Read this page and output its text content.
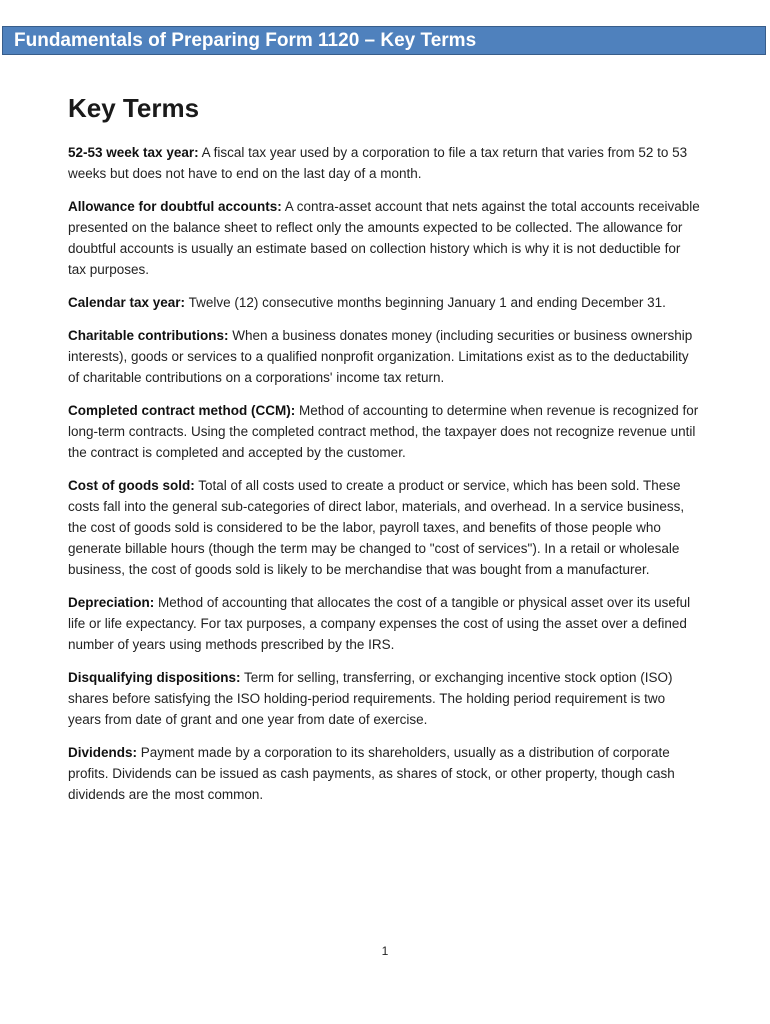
Fundamentals of Preparing Form 1120 – Key Terms
Key Terms

52-53 week tax year: A fiscal tax year used by a corporation to file a tax return that varies from 52 to 53 weeks but does not have to end on the last day of a month.

Allowance for doubtful accounts: A contra-asset account that nets against the total accounts receivable presented on the balance sheet to reflect only the amounts expected to be collected. The allowance for doubtful accounts is usually an estimate based on collection history which is why it is not deductible for tax purposes.

Calendar tax year: Twelve (12) consecutive months beginning January 1 and ending December 31.

Charitable contributions: When a business donates money (including securities or business ownership interests), goods or services to a qualified nonprofit organization. Limitations exist as to the deductability of charitable contributions on a corporations' income tax return.

Completed contract method (CCM): Method of accounting to determine when revenue is recognized for long-term contracts. Using the completed contract method, the taxpayer does not recognize revenue until the contract is completed and accepted by the customer.

Cost of goods sold: Total of all costs used to create a product or service, which has been sold. These costs fall into the general sub-categories of direct labor, materials, and overhead. In a service business, the cost of goods sold is considered to be the labor, payroll taxes, and benefits of those people who generate billable hours (though the term may be changed to "cost of services"). In a retail or wholesale business, the cost of goods sold is likely to be merchandise that was bought from a manufacturer.

Depreciation: Method of accounting that allocates the cost of a tangible or physical asset over its useful life or life expectancy. For tax purposes, a company expenses the cost of using the asset over a defined number of years using methods prescribed by the IRS.

Disqualifying dispositions: Term for selling, transferring, or exchanging incentive stock option (ISO) shares before satisfying the ISO holding-period requirements. The holding period requirement is two years from date of grant and one year from date of exercise.

Dividends: Payment made by a corporation to its shareholders, usually as a distribution of corporate profits. Dividends can be issued as cash payments, as shares of stock, or other property, though cash dividends are the most common.

1
